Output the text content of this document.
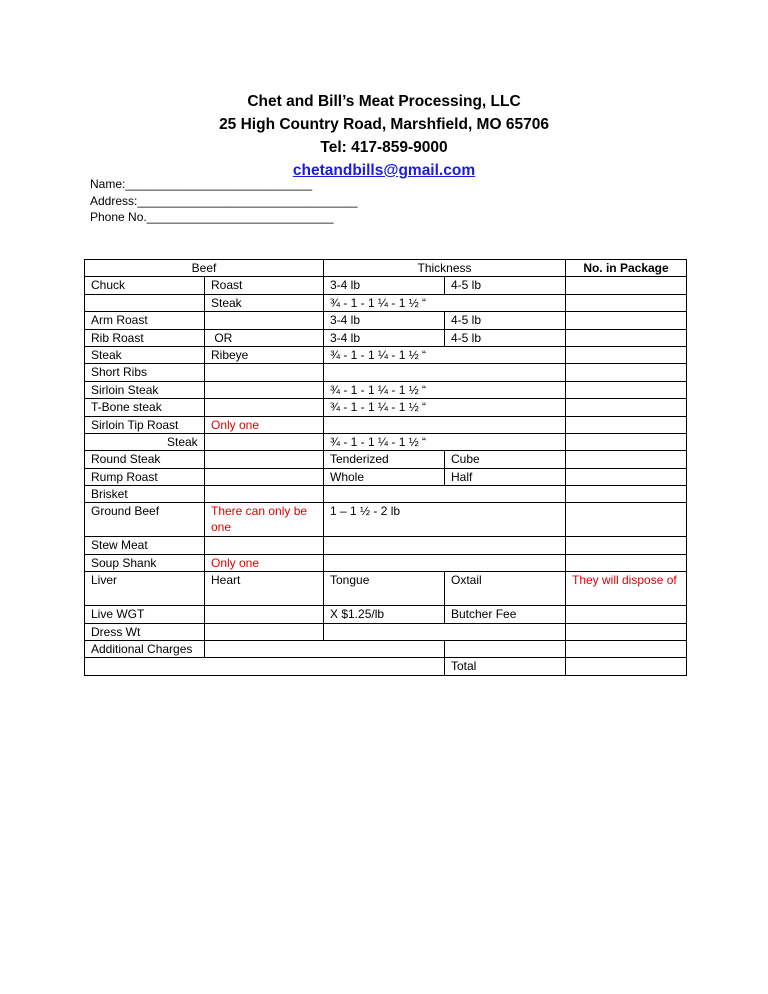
Chet and Bill’s Meat Processing, LLC
25 High Country Road, Marshfield, MO 65706
Tel: 417-859-9000
chetandbills@gmail.com
Name:____________________________
Address:_________________________________
Phone No.____________________________
Beef		Thickness		No. in Package
Chuck	Roast	3-4 lb	4-5 lb	
	Steak	¾ - 1 - 1 ¼ - 1 ½ “		
Arm Roast		3-4 lb	4-5 lb	
Rib Roast	OR	3-4 lb	4-5 lb	
Steak	Ribeye	¾ - 1 - 1 ¼ - 1 ½ “		
Short Ribs				
Sirloin Steak		¾ - 1 - 1 ¼ - 1 ½ “		
T-Bone steak		¾ - 1 - 1 ¼ - 1 ½ “		
Sirloin Tip Roast	Only one			
Steak		¾ - 1 - 1 ¼ - 1 ½ “		
Round Steak		Tenderized	Cube	
Rump Roast		Whole	Half	
Brisket				
Ground Beef	There can only be one	1 – 1 ½ - 2 lb		
Stew Meat				
Soup Shank	Only one			
Liver	Heart	Tongue	Oxtail	They will dispose of
Live WGT		X $1.25/lb	Butcher Fee	
Dress Wt				
Additional Charges				
			Total	
